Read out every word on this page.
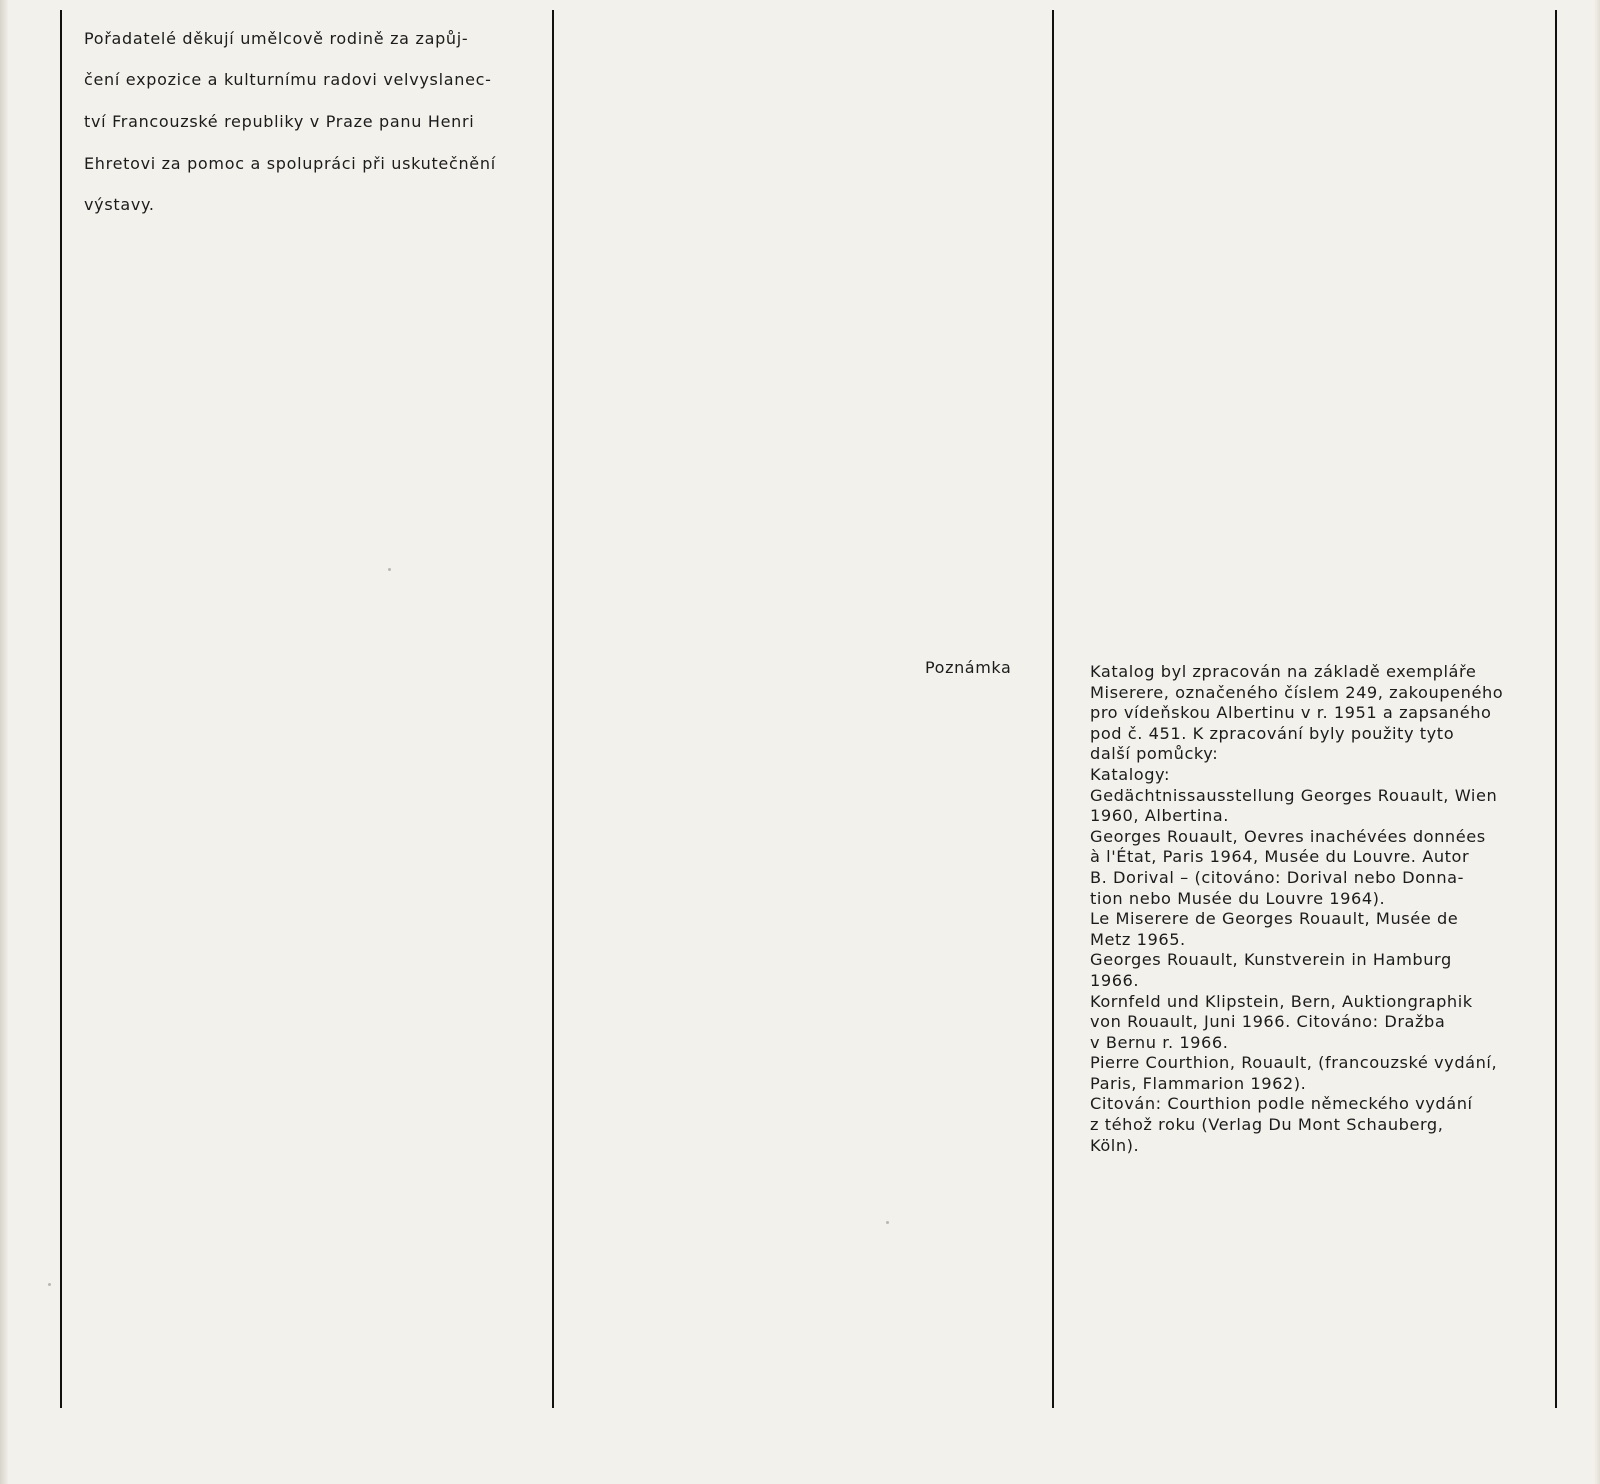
Pořadatelé děkují umělcově rodině za zapůj-

čení expozice a kulturnímu radovi velvyslanec-

tví Francouzské republiky v Praze panu Henri

Ehretovi za pomoc a spolupráci při uskutečnění

výstavy.

Poznámka	Katalog byl zpracován na základě exempláře
Miserere, označeného číslem 249, zakoupeného
pro vídeňskou Albertinu v r. 1951 a zapsaného
pod č. 451. K zpracování byly použity tyto
další pomůcky:
Katalogy:
Gedächtnissausstellung Georges Rouault, Wien
1960, Albertina.
Georges Rouault, Oevres inachévées données
à l'État, Paris 1964, Musée du Louvre. Autor
B. Dorival – (citováno: Dorival nebo Donna-
tion nebo Musée du Louvre 1964).
Le Miserere de Georges Rouault, Musée de
Metz 1965.
Georges Rouault, Kunstverein in Hamburg
1966.
Kornfeld und Klipstein, Bern, Auktiongraphik
von Rouault, Juni 1966. Citováno: Dražba
v Bernu r. 1966.
Pierre Courthion, Rouault, (francouzské vydání,
Paris, Flammarion 1962).
Citován: Courthion podle německého vydání
z téhož roku (Verlag Du Mont Schauberg,
Köln).
